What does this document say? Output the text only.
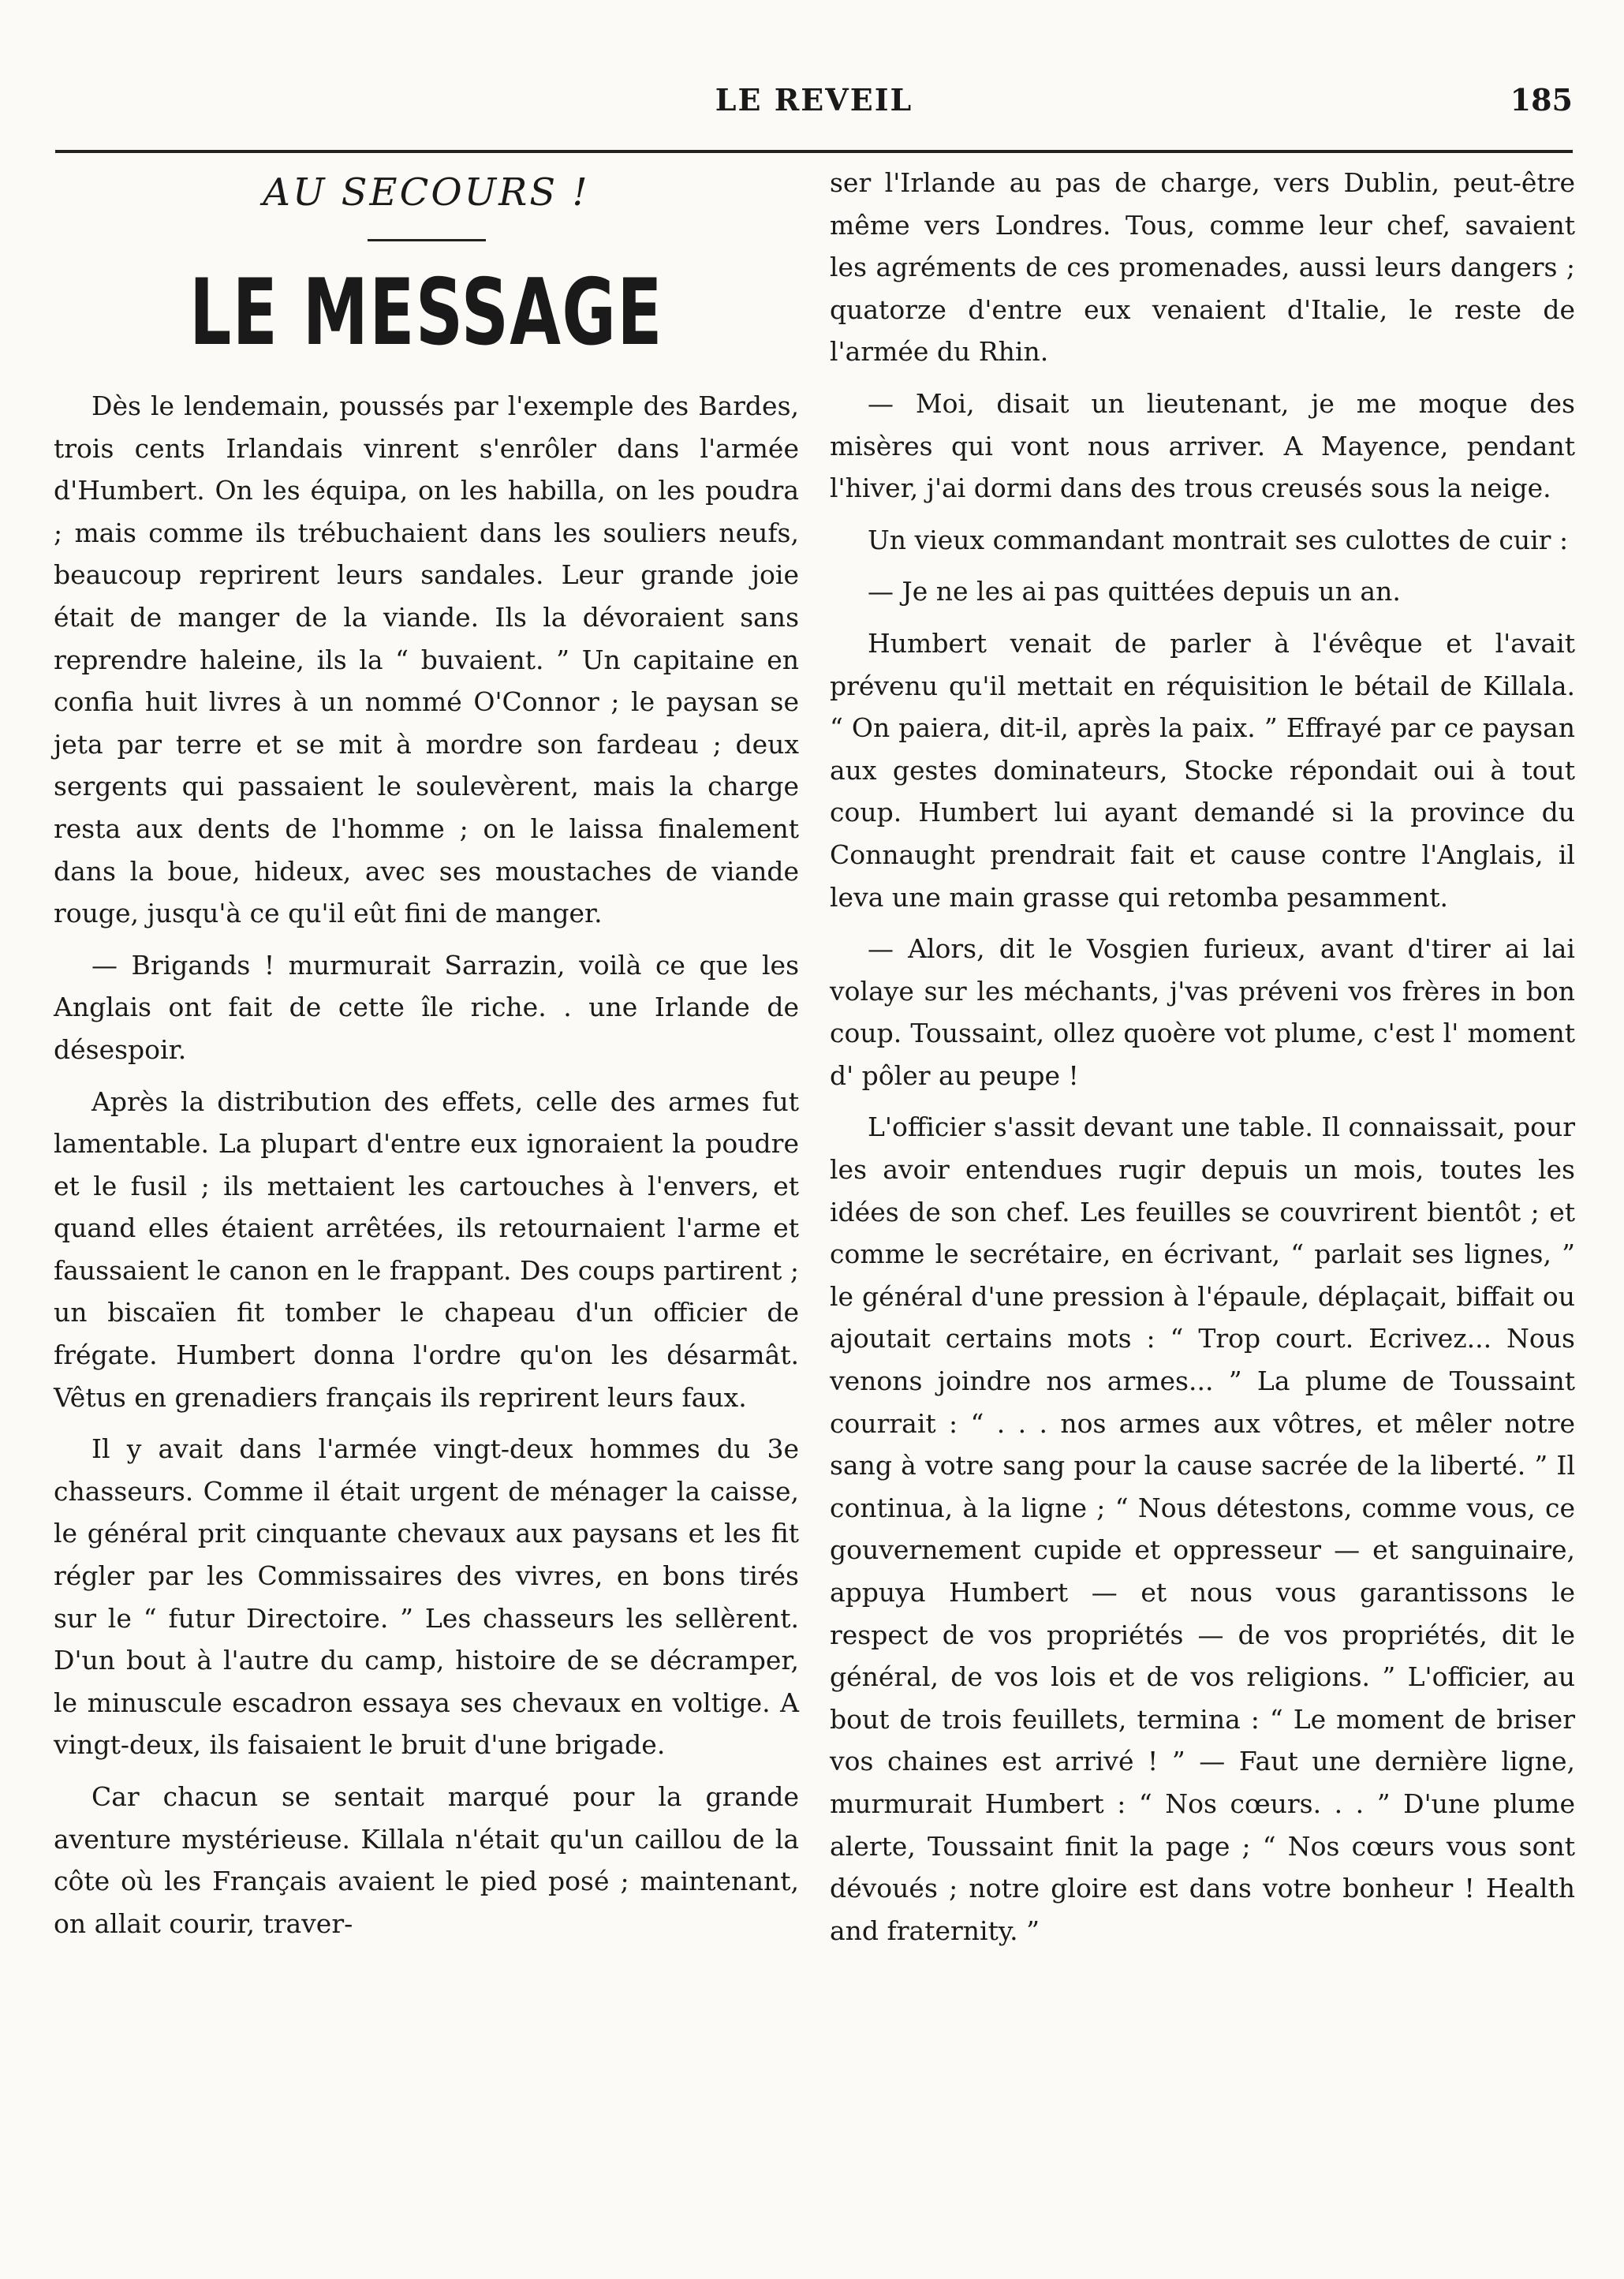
LE REVEIL	185
AU SECOURS !
LE MESSAGE

Dès le lendemain, poussés par l'exemple des Bardes, trois cents Irlandais vinrent s'enrôler dans l'armée d'Humbert. On les équipa, on les habilla, on les poudra ; mais comme ils trébuchaient dans les souliers neufs, beaucoup reprirent leurs sandales. Leur grande joie était de manger de la viande. Ils la dévoraient sans reprendre haleine, ils la “ buvaient. ” Un capitaine en confia huit livres à un nommé O'Connor ; le paysan se jeta par terre et se mit à mordre son fardeau ; deux sergents qui passaient le soulevèrent, mais la charge resta aux dents de l'homme ; on le laissa finalement dans la boue, hideux, avec ses moustaches de viande rouge, jusqu'à ce qu'il eût fini de manger.

— Brigands ! murmurait Sarrazin, voilà ce que les Anglais ont fait de cette île riche. . une Irlande de désespoir.

Après la distribution des effets, celle des armes fut lamentable. La plupart d'entre eux ignoraient la poudre et le fusil ; ils mettaient les cartouches à l'envers, et quand elles étaient arrêtées, ils retournaient l'arme et faussaient le canon en le frappant. Des coups partirent ; un biscaïen fit tomber le chapeau d'un officier de frégate. Humbert donna l'ordre qu'on les désarmât. Vêtus en grenadiers français ils reprirent leurs faux.

Il y avait dans l'armée vingt-deux hommes du 3e chasseurs. Comme il était urgent de ménager la caisse, le général prit cinquante chevaux aux paysans et les fit régler par les Commissaires des vivres, en bons tirés sur le “ futur Directoire. ” Les chasseurs les sellèrent. D'un bout à l'autre du camp, histoire de se décramper, le minuscule escadron essaya ses chevaux en voltige. A vingt-deux, ils faisaient le bruit d'une brigade.

Car chacun se sentait marqué pour la grande aventure mystérieuse. Killala n'était qu'un caillou de la côte où les Français avaient le pied posé ; maintenant, on allait courir, traver-

ser l'Irlande au pas de charge, vers Dublin, peut-être même vers Londres. Tous, comme leur chef, savaient les agréments de ces promenades, aussi leurs dangers ; quatorze d'entre eux venaient d'Italie, le reste de l'armée du Rhin.

— Moi, disait un lieutenant, je me moque des misères qui vont nous arriver. A Mayence, pendant l'hiver, j'ai dormi dans des trous creusés sous la neige.

Un vieux commandant montrait ses culottes de cuir :

— Je ne les ai pas quittées depuis un an.

Humbert venait de parler à l'évêque et l'avait prévenu qu'il mettait en réquisition le bétail de Killala. “ On paiera, dit-il, après la paix. ” Effrayé par ce paysan aux gestes dominateurs, Stocke répondait oui à tout coup. Humbert lui ayant demandé si la province du Connaught prendrait fait et cause contre l'Anglais, il leva une main grasse qui retomba pesamment.

— Alors, dit le Vosgien furieux, avant d'tirer ai lai volaye sur les méchants, j'vas préveni vos frères in bon coup. Toussaint, ollez quoère vot plume, c'est l' moment d' pôler au peupe !

L'officier s'assit devant une table. Il connaissait, pour les avoir entendues rugir depuis un mois, toutes les idées de son chef. Les feuilles se couvrirent bientôt ; et comme le secrétaire, en écrivant, “ parlait ses lignes, ” le général d'une pression à l'épaule, déplaçait, biffait ou ajoutait certains mots : “ Trop court. Ecrivez... Nous venons joindre nos armes... ” La plume de Toussaint courrait : “ . . . nos armes aux vôtres, et mêler notre sang à votre sang pour la cause sacrée de la liberté. ” Il continua, à la ligne ; “ Nous détestons, comme vous, ce gouvernement cupide et oppresseur — et sanguinaire, appuya Humbert — et nous vous garantissons le respect de vos propriétés — de vos propriétés, dit le général, de vos lois et de vos religions. ” L'officier, au bout de trois feuillets, termina : “ Le moment de briser vos chaines est arrivé ! ” — Faut une dernière ligne, murmurait Humbert : “ Nos cœurs. . . ” D'une plume alerte, Toussaint finit la page ; “ Nos cœurs vous sont dévoués ; notre gloire est dans votre bonheur ! Health and fraternity. ”
